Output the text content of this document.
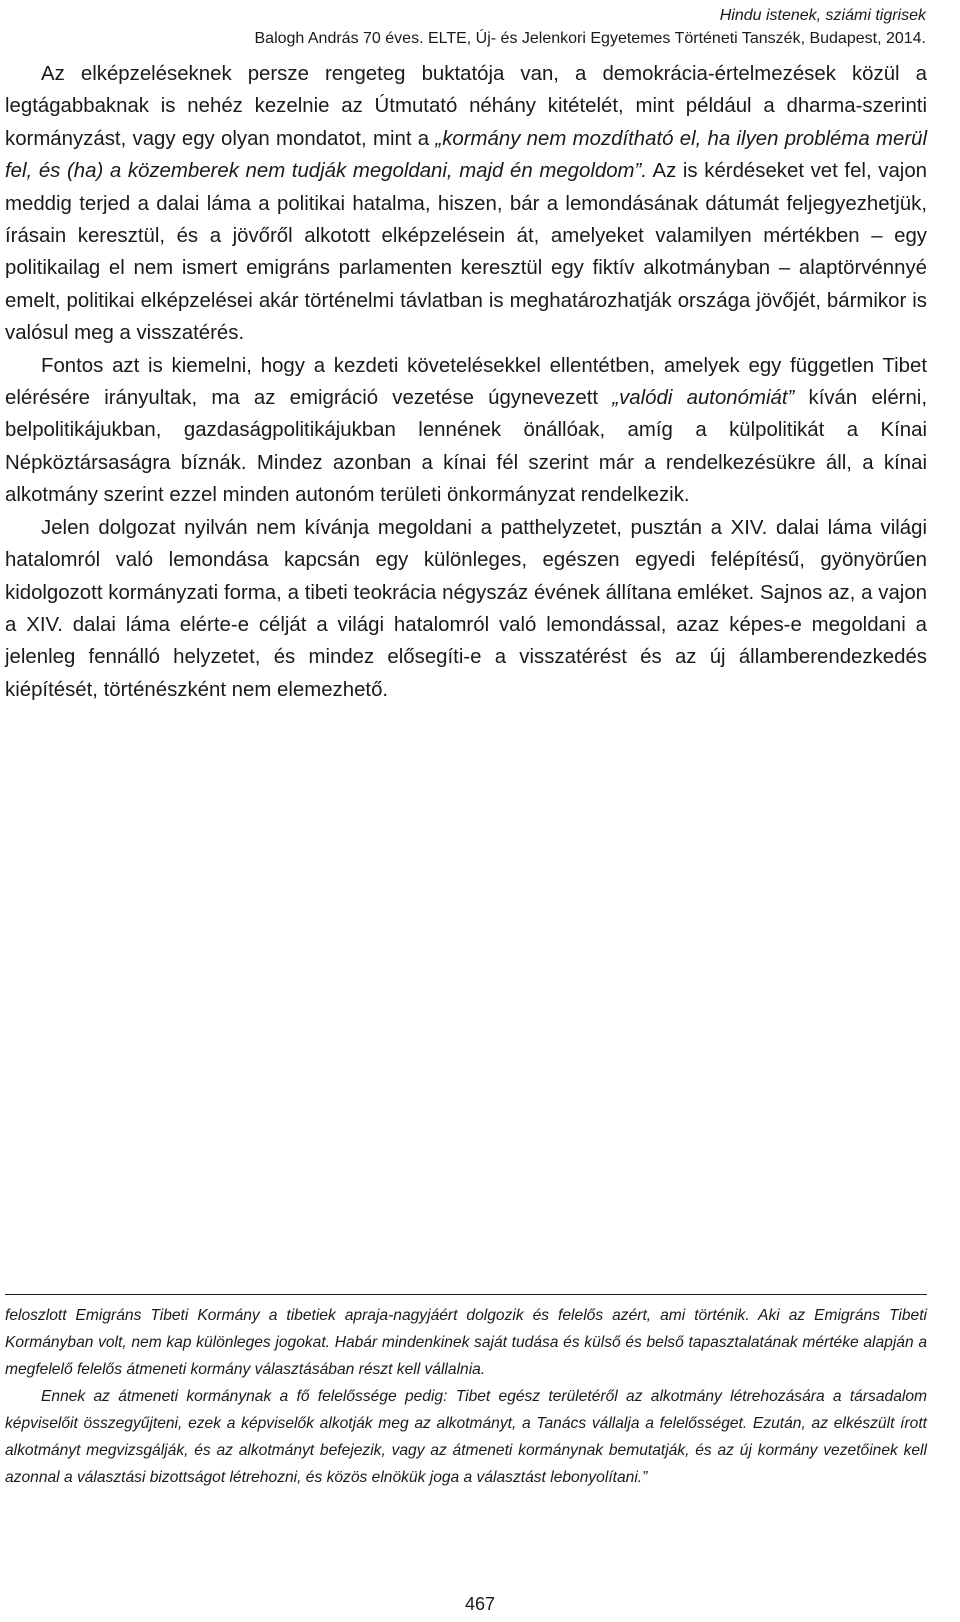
Hindu istenek, sziámi tigrisek
Balogh András 70 éves. ELTE, Új- és Jelenkori Egyetemes Történeti Tanszék, Budapest, 2014.

Az elképzeléseknek persze rengeteg buktatója van, a demokrácia-értelmezések közül a legtágabbaknak is nehéz kezelnie az Útmutató néhány kitételét, mint például a dharma-szerinti kormányzást, vagy egy olyan mondatot, mint a „kormány nem mozdítható el, ha ilyen probléma merül fel, és (ha) a közemberek nem tudják megoldani, majd én megoldom”. Az is kérdéseket vet fel, vajon meddig terjed a dalai láma a politikai hatalma, hiszen, bár a lemondásának dátumát feljegyezhetjük, írásain keresztül, és a jövőről alkotott elképzelésein át, amelyeket valamilyen mértékben – egy politikailag el nem ismert emigráns parlamenten keresztül egy fiktív alkotmányban – alaptörvénnyé emelt, politikai elképzelései akár történelmi távlatban is meghatározhatják országa jövőjét, bármikor is valósul meg a visszatérés.

Fontos azt is kiemelni, hogy a kezdeti követelésekkel ellentétben, amelyek egy független Tibet elérésére irányultak, ma az emigráció vezetése úgynevezett „valódi autonómiát” kíván elérni, belpolitikájukban, gazdaságpolitikájukban lennének önállóak, amíg a külpolitikát a Kínai Népköztársaságra bíznák. Mindez azonban a kínai fél szerint már a rendelkezésükre áll, a kínai alkotmány szerint ezzel minden autonóm területi önkormányzat rendelkezik.

Jelen dolgozat nyilván nem kívánja megoldani a patthelyzetet, pusztán a XIV. dalai láma világi hatalomról való lemondása kapcsán egy különleges, egészen egyedi felépítésű, gyönyörűen kidolgozott kormányzati forma, a tibeti teokrácia négyszáz évének állítana emléket. Sajnos az, a vajon a XIV. dalai láma elérte-e célját a világi hatalomról való lemondással, azaz képes-e megoldani a jelenleg fennálló helyzetet, és mindez elősegíti-e a visszatérést és az új államberendezkedés kiépítését, történészként nem elemezhető.

feloszlott Emigráns Tibeti Kormány a tibetiek apraja-nagyjáért dolgozik és felelős azért, ami történik. Aki az Emigráns Tibeti Kormányban volt, nem kap különleges jogokat. Habár mindenkinek saját tudása és külső és belső tapasztalatának mértéke alapján a megfelelő felelős átmeneti kormány választásában részt kell vállalnia.

Ennek az átmeneti kormánynak a fő felelőssége pedig: Tibet egész területéről az alkotmány létrehozására a társadalom képviselőit összegyűjteni, ezek a képviselők alkotják meg az alkotmányt, a Tanács vállalja a felelősséget. Ezután, az elkészült írott alkotmányt megvizsgálják, és az alkotmányt befejezik, vagy az átmeneti kormánynak bemutatják, és az új kormány vezetőinek kell azonnal a választási bizottságot létrehozni, és közös elnökük joga a választást lebonyolítani.”

467
